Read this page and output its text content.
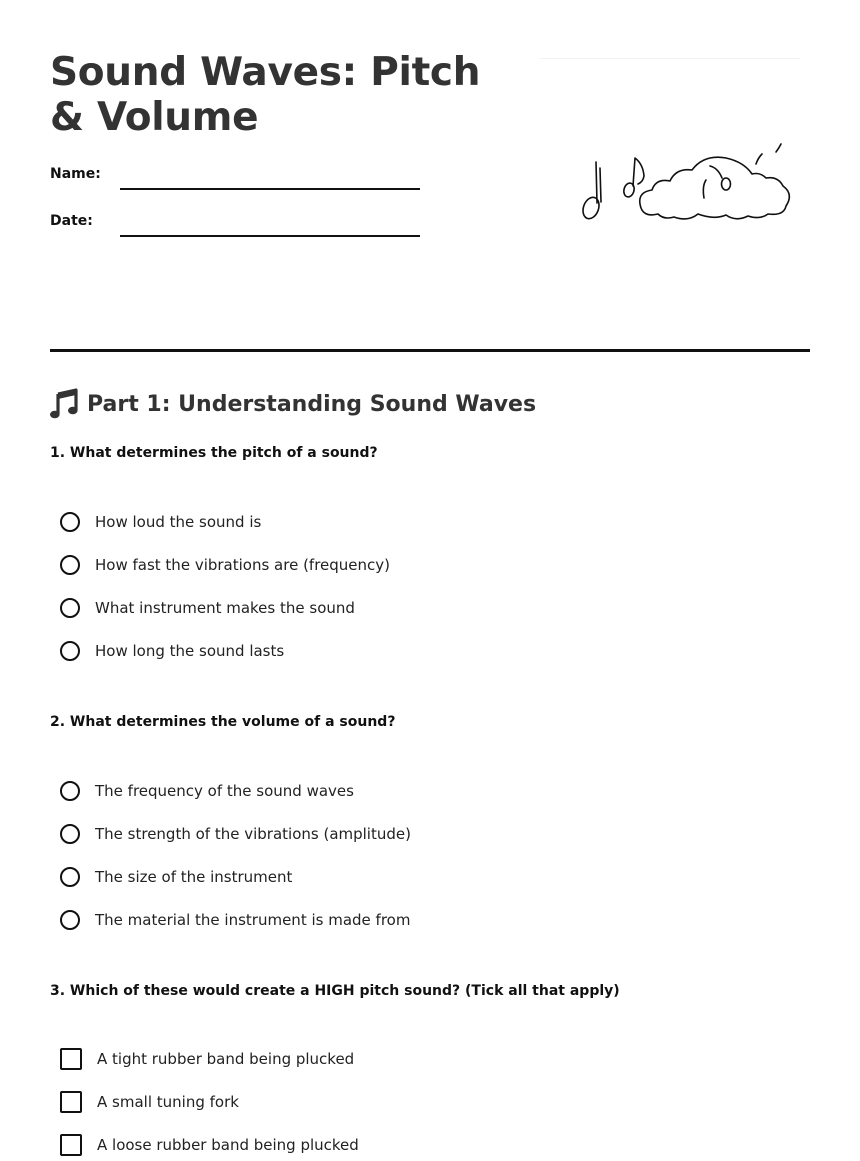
Sound Waves: Pitch & Volume
Name:
Date:
Part 1: Understanding Sound Waves
1. What determines the pitch of a sound?
How loud the sound is
How fast the vibrations are (frequency)
What instrument makes the sound
How long the sound lasts
2. What determines the volume of a sound?
The frequency of the sound waves
The strength of the vibrations (amplitude)
The size of the instrument
The material the instrument is made from
3. Which of these would create a HIGH pitch sound? (Tick all that apply)
A tight rubber band being plucked
A small tuning fork
A loose rubber band being plucked
